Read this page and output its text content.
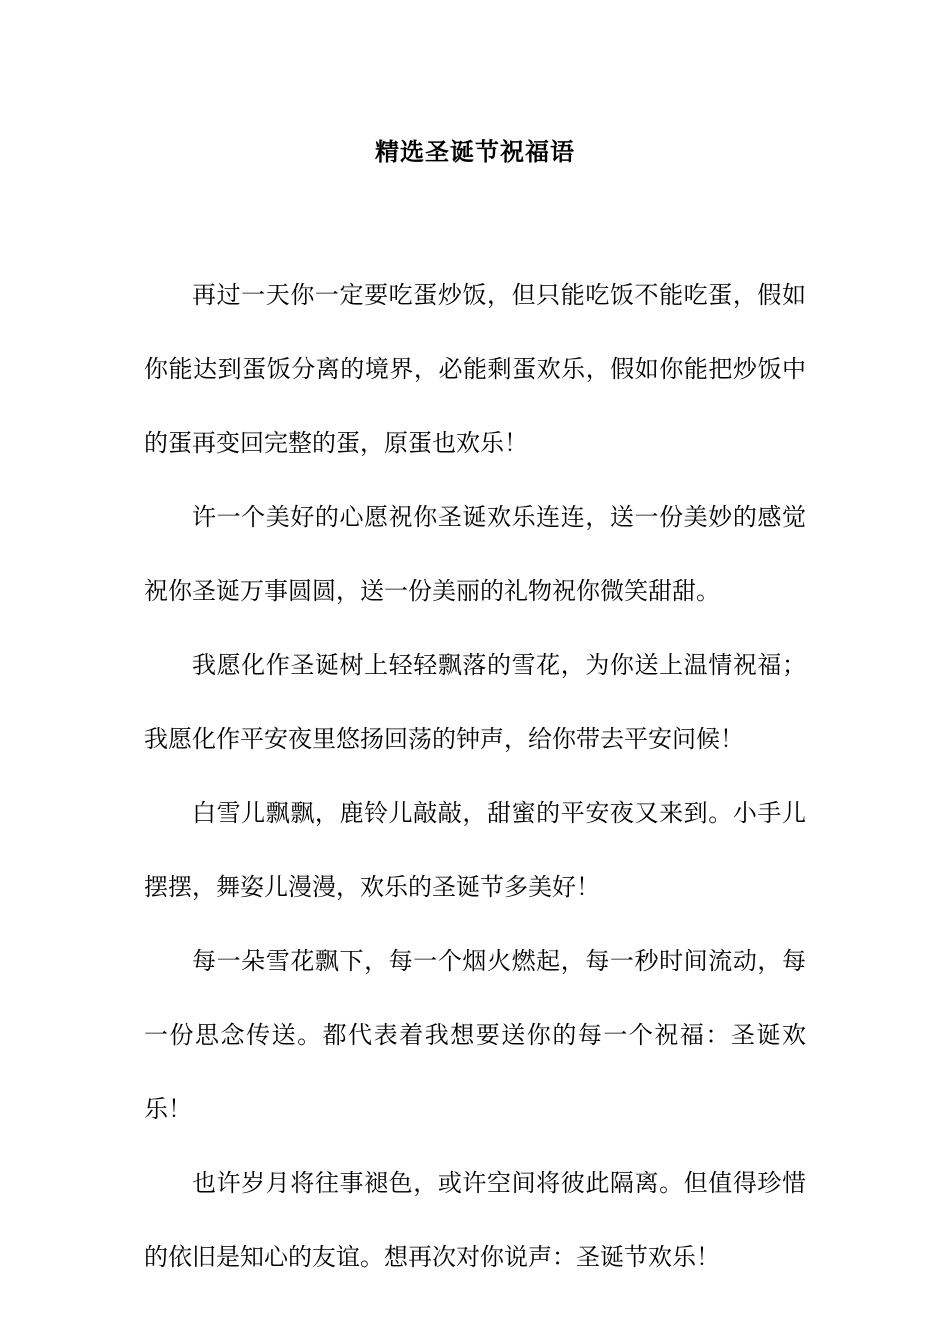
精选圣诞节祝福语

再过一天你一定要吃蛋炒饭，但只能吃饭不能吃蛋，假如你能达到蛋饭分离的境界，必能剩蛋欢乐，假如你能把炒饭中的蛋再变回完整的蛋，原蛋也欢乐！

许一个美好的心愿祝你圣诞欢乐连连，送一份美妙的感觉祝你圣诞万事圆圆，送一份美丽的礼物祝你微笑甜甜。

我愿化作圣诞树上轻轻飘落的雪花，为你送上温情祝福；我愿化作平安夜里悠扬回荡的钟声，给你带去平安问候！

白雪儿飘飘，鹿铃儿敲敲，甜蜜的平安夜又来到。小手儿摆摆，舞姿儿漫漫，欢乐的圣诞节多美好！

每一朵雪花飘下，每一个烟火燃起，每一秒时间流动，每一份思念传送。都代表着我想要送你的每一个祝福：圣诞欢乐！

也许岁月将往事褪色，或许空间将彼此隔离。但值得珍惜的依旧是知心的友谊。想再次对你说声：圣诞节欢乐！
